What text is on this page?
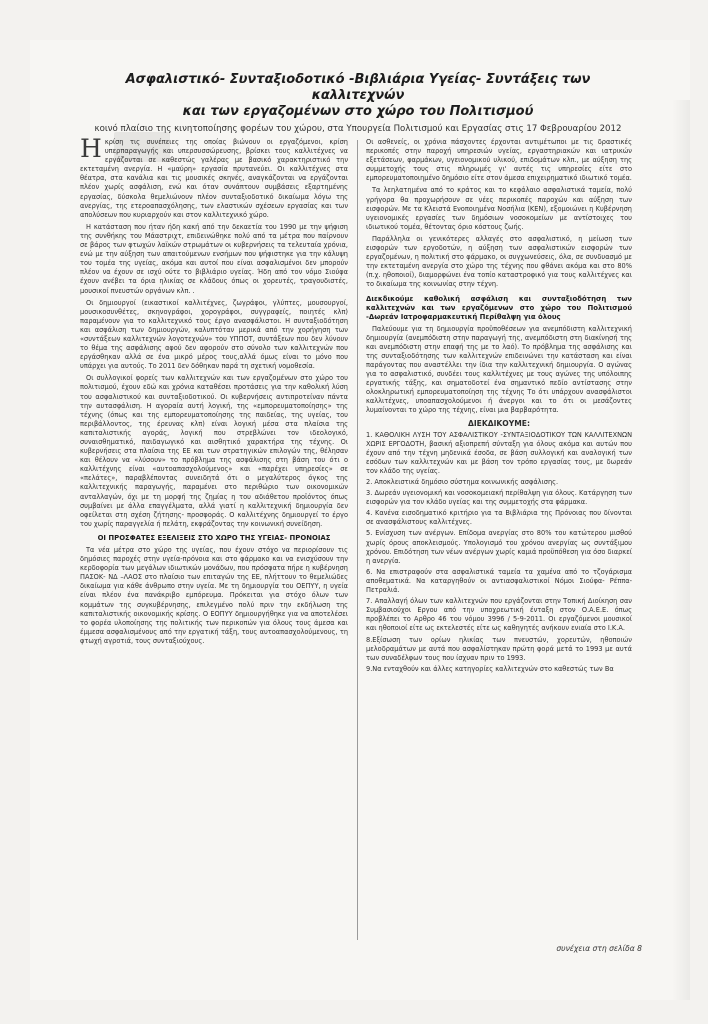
Ασφαλιστικό- Συνταξιοδοτικό -Βιβλιάρια Υγείας- Συντάξεις των καλλιτεχνών

και των εργαζομένων στο χώρο του Πολιτισμού

κοινό πλαίσιο της κινητοποίησης φορέων του χώρου, στα Υπουργεία Πολιτισμού και Εργασίας στις 17 Φεβρουαρίου 2012

Ηκρίση τις συνέπειες της οποίας βιώνουν οι εργαζόμενοι, κρίση υπερπαραγωγής και υπερσυσσώρευσης, βρίσκει τους καλλιτέχνες να εργάζονται σε καθεστώς γαλέρας με βασικό χαρακτηριστικό την εκτεταμένη ανεργία. Η «μαύρη» εργασία πρυτανεύει. Οι καλλιτέχνες στα θέατρα, στα κανάλια και τις μουσικές σκηνές, αναγκάζονται να εργάζονται πλέον χωρίς ασφάλιση, ενώ και όταν συνάπτουν συμβάσεις εξαρτημένης εργασίας, δύσκολα θεμελιώνουν πλέον συνταξιοδοτικό δικαίωμα λόγω της ανεργίας, της ετεροαπασχόλησης, των ελαστικών σχέσεων εργασίας και των απολύσεων που κυριαρχούν και στον καλλιτεχνικό χώρο.

Η κατάσταση που ήταν ήδη κακή από την δεκαετία του 1990 με την ψήφιση της συνθήκης του Μάαστριχτ, επιδεινώθηκε πολύ από τα μέτρα που παίρνουν σε βάρος των φτωχών λαϊκών στρωμάτων οι κυβερνήσεις τα τελευταία χρόνια, ενώ με την αύξηση των απαιτούμενων ενσήμων που ψήφιστηκε για την κάλυψη του τομέα της υγείας, ακόμα και αυτοί που είναι ασφαλισμένοι δεν μπορούν πλέον να έχουν σε ισχύ ούτε το βιβλιάριο υγείας. Ήδη από τον νόμο Σιούφα έχουν ανέβει τα όρια ηλικίας σε κλάδους όπως οι χορευτές, τραγουδιστές, μουσικοί πνευστών οργάνων κλπ. .

Οι δημιουργοί (εικαστικοί καλλιτέχνες, ζωγράφοι, γλύπτες, μουσουργοί, μουσικοσυνθέτες, σκηνογράφοι, χορογράφοι, συγγραφείς, ποιητές κλπ) παραμένουν για το καλλιτεχνικό τους έργο ανασφάλιστοι. Η συνταξιοδότηση και ασφάλιση των δημιουργών, καλυπτόταν μερικά από την χορήγηση των «συντάξεων καλλιτεχνών λογοτεχνών» του ΥΠΠΟΤ, συντάξεων που δεν λύνουν το θέμα της ασφάλισης αφού δεν αφορούν στο σύνολο των καλλιτεχνών που εργάσθηκαν αλλά σε ένα μικρό μέρος τους,αλλά όμως είναι το μόνο που υπάρχει για αυτούς. Το 2011 δεν δόθηκαν παρά τη σχετική νομοθεσία.

Οι συλλογικοί φορείς των καλλιτεχνών και των εργαζομένων στο χώρο του πολιτισμού, έχουν εδώ και χρόνια καταθέσει προτάσεις για την καθολική λύση του ασφαλιστικού και συνταξιοδοτικού. Οι κυβερνήσεις αντιπροτείναν πάντα την αυτασφάλιση. Η αγοραία αυτή λογική, της «εμπορευματοποίησης» της τέχνης (όπως και της εμπορευματοποίησης της παιδείας, της υγείας, του περιβάλλοντος, της έρευνας κλπ) είναι λογική μέσα στα πλαίσια της καπιταλιστικής αγοράς, λογική που στρεβλώνει τον ιδεολογικό, συναισθηματικό, παιδαγωγικό και αισθητικό χαρακτήρα της τέχνης. Οι κυβερνήσεις στα πλαίσια της ΕΕ και των στρατηγικών επιλογών της, θέλησαν και θέλουν να «λύσουν» το πρόβλημα της ασφάλισης στη βάση του ότι ο καλλιτέχνης είναι «αυτοαπασχολούμενος» και «παρέχει υπηρεσίες» σε «πελάτες», παραβλέποντας συνειδητά ότι ο μεγαλύτερος όγκος της καλλιτεχνικής παραγωγής, παραμένει στο περιθώριο των οικονομικών ανταλλαγών, όχι με τη μορφή της ζημίας η του αδιάθετου προϊόντος όπως συμβαίνει με άλλα επαγγέλματα, αλλά γιατί η καλλιτεχνική δημιουργία δεν οφείλεται στη σχέση ζήτησης- προσφοράς. Ο καλλιτέχνης δημιουργεί το έργο του χωρίς παραγγελία ή πελάτη, εκφράζοντας την κοινωνική συνείδηση.

ΟΙ ΠΡΟΣΦΑΤΕΣ ΕΞΕΛΙΞΕΙΣ ΣΤΟ ΧΩΡΟ ΤΗΣ ΥΓΕΙΑΣ- ΠΡΟΝΟΙΑΣ

Τα νέα μέτρα στο χώρο της υγείας, που έχουν στόχο να περιορίσουν τις δημόσιες παροχές στην υγεία-πρόνοια και στο φάρμακο και να ενισχύσουν την κερδοφορία των μεγάλων ιδιωτικών μονάδων, που πρόσφατα πήρε η κυβέρνηση ΠΑΣΟΚ- ΝΔ –ΛΑΟΣ στο πλαίσιο των επιταγών της ΕΕ, πλήττουν το θεμελιώδες δικαίωμα για κάθε άνθρωπο στην υγεία. Με τη δημιουργία του ΟΕΠΥΥ, η υγεία είναι πλέον ένα πανάκριβο εμπόρευμα. Πρόκειται για στόχο όλων των κομμάτων της συγκυβέρνησης, επιλεγμένο πολύ πριν την εκδήλωση της καπιταλιστικής οικονομικής κρίσης. Ο ΕΟΠΥΥ δημιουργήθηκε για να αποτελέσει το φορέα υλοποίησης της πολιτικής των περικοπών για όλους τους άμεσα και έμμεσα ασφαλισμένους από την εργατική τάξη, τους αυτοαπασχολούμενους, τη φτωχή αγροτιά, τους συνταξιούχους.

Οι ασθενείς, οι χρόνια πάσχοντες έρχονται αντιμέτωποι με τις δραστικές περικοπές στην παροχή υπηρεσιών υγείας, εργαστηριακών και ιατρικών εξετάσεων, φαρμάκων, υγειονομικού υλικού, επιδομάτων κλπ., με αύξηση της συμμετοχής τους στις πληρωμές γι' αυτές τις υπηρεσίες είτε στο εμπορευματοποιημένο δημόσιο είτε στον άμεσα επιχειρηματικό ιδιωτικό τομέα.

Τα λεηλατημένα από το κράτος και το κεφάλαιο ασφαλιστικά ταμεία, πολύ γρήγορα θα προχωρήσουν σε νέες περικοπές παροχών και αύξηση των εισφορών. Με τα Κλειστά Ενοποιημένα Νοσήλια (ΚΕΝ), εξομοιώνει η Κυβέρνηση υγειονομικές εργασίες των δημόσιων νοσοκομείων με αντίστοιχες του ιδιωτικού τομέα, θέτοντας όριο κόστους ζωής.

Παράλληλα οι γενικότερες αλλαγές στο ασφαλιστικό, η μείωση των εισφορών των εργοδοτών, η αύξηση των ασφαλιστικών εισφορών των εργαζομένων, η πολιτική στο φάρμακο, οι συγχωνεύσεις, όλα, σε συνδυασμό με την εκτεταμένη ανεργία στο χώρο της τέχνης που φθάνει ακόμα και στο 80% (π.χ. ηθοποιοί), διαμορφώνει ένα τοπίο καταστροφικό για τους καλλιτέχνες και το δικαίωμα της κοινωνίας στην τέχνη.

Διεκδικούμε καθολική ασφάλιση και συνταξιοδότηση των καλλιτεχνών και των εργαζόμενων στο χώρο του Πολιτισμού -Δωρεάν Ιατροφαρμακευτική Περίθαλψη για όλους

Παλεύουμε για τη δημιουργία προϋποθέσεων για ανεμπόδιστη καλλιτεχνική δημιουργία (ανεμπόδιστη στην παραγωγή της, ανεμπόδιστη στη διακίνησή της και ανεμπόδιστη στην επαφή της με το λαό). Το πρόβλημα της ασφάλισης και της συνταξιοδότησης των καλλιτεχνών επιδεινώνει την κατάσταση και είναι παράγοντας που αναστέλλει την ίδια την καλλιτεχνική δημιουργία. Ο αγώνας για το ασφαλιστικό, συνδέει τους καλλιτέχνες με τους αγώνες της υπόλοιπης εργατικής τάξης, και σηματοδοτεί ένα σημαντικό πεδίο αντίστασης στην ολοκληρωτική εμπορευματοποίηση της τέχνης Το ότι υπάρχουν ανασφάλιστοι καλλιτέχνες, υποαπασχολούμενοι ή άνεργοι και το ότι οι μεσάζοντες λυμαίνονται το χώρο της τέχνης, είναι μια βαρβαρότητα.

ΔΙΕΚΔΙΚΟΥΜΕ:

1. ΚΑΘΟΛΙΚΗ ΛΥΣΗ ΤΟΥ ΑΣΦΑΛΙΣΤΙΚΟΥ -ΣΥΝΤΑΞΙΟΔΟΤΙΚΟΥ ΤΩΝ ΚΑΛΛΙΤΕΧΝΩΝ ΧΩΡΙΣ ΕΡΓΟΔΟΤΗ, βασική αξιοπρεπή σύνταξη για όλους ακόμα και αυτών που έχουν από την τέχνη μηδενικά έσοδα, σε βάση συλλογική και αναλογική των εσόδων των καλλιτεχνών και με βάση τον τρόπο εργασίας τους, με δωρεάν τον κλάδο της υγείας.

2. Αποκλειστικά δημόσιο σύστημα κοινωνικής ασφάλισης.

3. Δωρεάν υγειονομική και νοσοκομειακή περίθαλψη για όλους. Κατάργηση των εισφορών για τον κλάδο υγείας και της συμμετοχής στα φάρμακα.

4. Κανένα εισοδηματικό κριτήριο για τα Βιβλιάρια της Πρόνοιας που δίνονται σε ανασφάλιστους καλλιτέχνες.

5. Ενίσχυση των ανέργων. Επίδομα ανεργίας στο 80% του κατώτερου μισθού χωρίς όρους αποκλεισμούς. Υπολογισμό του χρόνου ανεργίας ως συντάξιμου χρόνου. Επιδότηση των νέων ανέργων χωρίς καμιά προϋπόθεση για όσο διαρκεί η ανεργία.

6. Να επιστραφούν στα ασφαλιστικά ταμεία τα χαμένα από το τζογάρισμα αποθεματικά. Να καταργηθούν οι αντιασφαλιστικοί Νόμοι Σιούφα- Ρέππα- Πετραλιά.

7. Απαλλαγή όλων των καλλιτεχνών που εργάζονται στην Τοπική Διοίκηση σαν Συμβασιούχοι Εργου από την υποχρεωτική ένταξη στον Ο.Α.Ε.Ε. όπως προβλέπει το Αρθρο 46 του νόμου 3996 / 5-9-2011. Οι εργαζόμενοι μουσικοί και ηθοποιοί είτε ως εκτελεστές είτε ως καθηγητές ανήκουν ενιαία στο Ι.Κ.Α.

8.Εξίσωση των ορίων ηλικίας των πνευστών, χορευτών, ηθοποιών μελοδραμάτων με αυτά που ασφαλίστηκαν πρώτη φορά μετά το 1993 με αυτά των συναδέλφων τους που ίσχυαν πριν το 1993.

9.Να ενταχθούν και άλλες κατηγορίες καλλιτεχνών στο καθεστώς των Βα

συνέχεια στη σελίδα 8
